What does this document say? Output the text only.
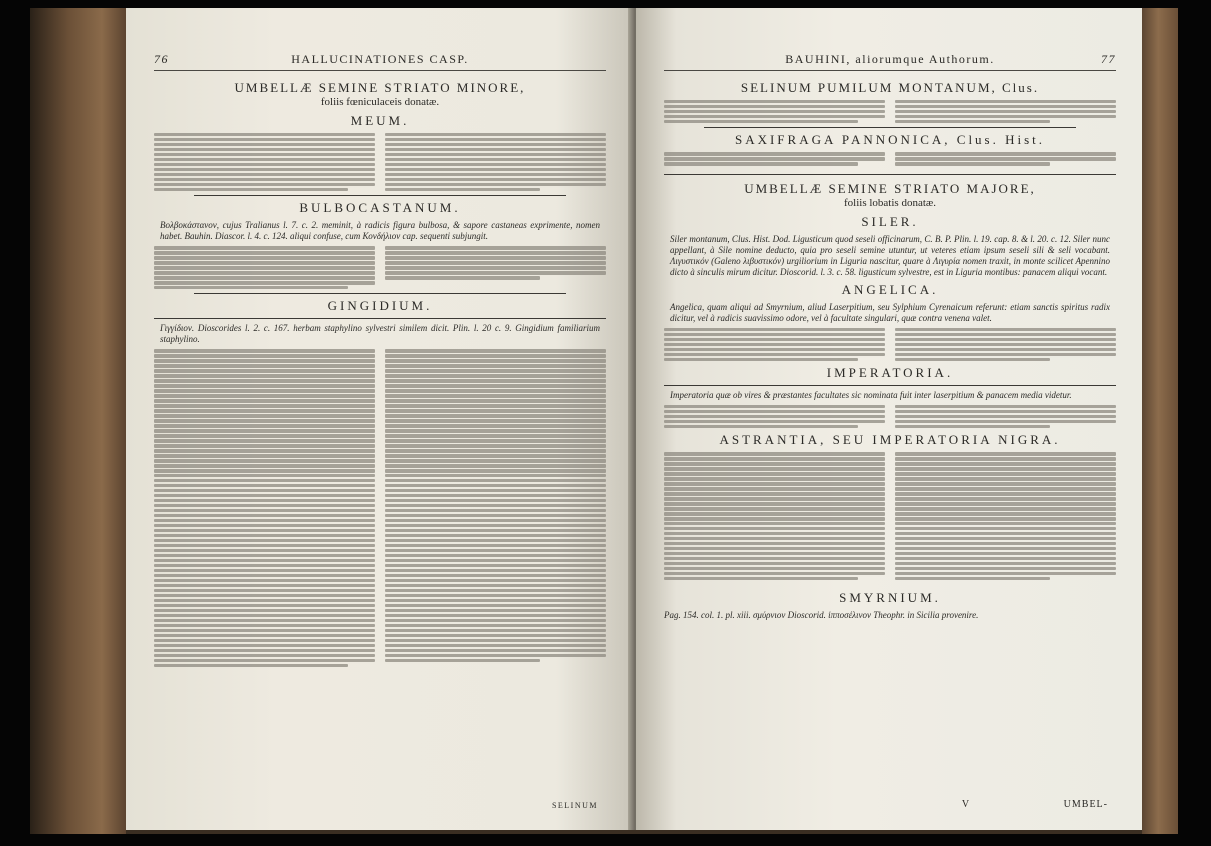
76	HALLUCINATIONES CASP.
UMBELLÆ SEMINE STRIATO MINORE,
foliis fœniculaceis donatæ.
MEUM.
BULBOCASTANUM.
Βολβοκάστανον, cujus Tralianus l. 7. c. 2. meminit, à radicis figura bulbosa, & sapore castaneas exprimente, nomen habet. Bauhin. Diascor. l. 4. c. 124. aliqui confuse, cum Κονδήλιον cap. sequenti subjungit.
GINGIDIUM.
Γιγγίδιον. Dioscorides l. 2. c. 167. herbam staphylino sylvestri similem dicit. Plin. l. 20 c. 9. Gingidium familiarium staphylino.
SELINUM
BAUHINI, aliorumque Authorum.	77
SELINUM PUMILUM MONTANUM, Clus.
SAXIFRAGA PANNONICA, Clus. Hist.
UMBELLÆ SEMINE STRIATO MAJORE,
foliis lobatis donatæ.
SILER.
Siler montanum, Clus. Hist. Dod. Ligusticum quod seseli officinarum, C. B. P. Plin. l. 19. cap. 8. & l. 20. c. 12. Siler nunc appellant, à Sile nomine deducto, quia pro seseli semine utuntur, ut veteres etiam ipsum seseli sili & seli vocabant. Λιγυστικόν (Galeno λιβυστικόν) urgiliorium in Liguria nascitur, quare à Λιγυρία nomen traxit, in monte scilicet Apennino dicto à sinculis mirum dicitur. Dioscorid. l. 3. c. 58. ligusticum sylvestre, est in Liguria montibus: panacem aliqui vocant.
ANGELICA.
Angelica, quam aliqui ad Smyrnium, aliud Laserpitium, seu Sylphium Cyrenaicum referunt: etiam sanctis spiritus radix dicitur, vel à radicis suavissimo odore, vel à facultate singulari, quæ contra venena valet.
IMPERATORIA.
Imperatoria quæ ob vires & præstantes facultates sic nominata fuit inter laserpitium & panacem media videtur.
ASTRANTIA, SEU IMPERATORIA NIGRA.
SMYRNIUM.
Pag. 154. col. 1. pl. xiii. σμύρνιον Dioscorid. ἱπποσέλινον Theophr. in Sicilia provenire.
V	UMBEL-
